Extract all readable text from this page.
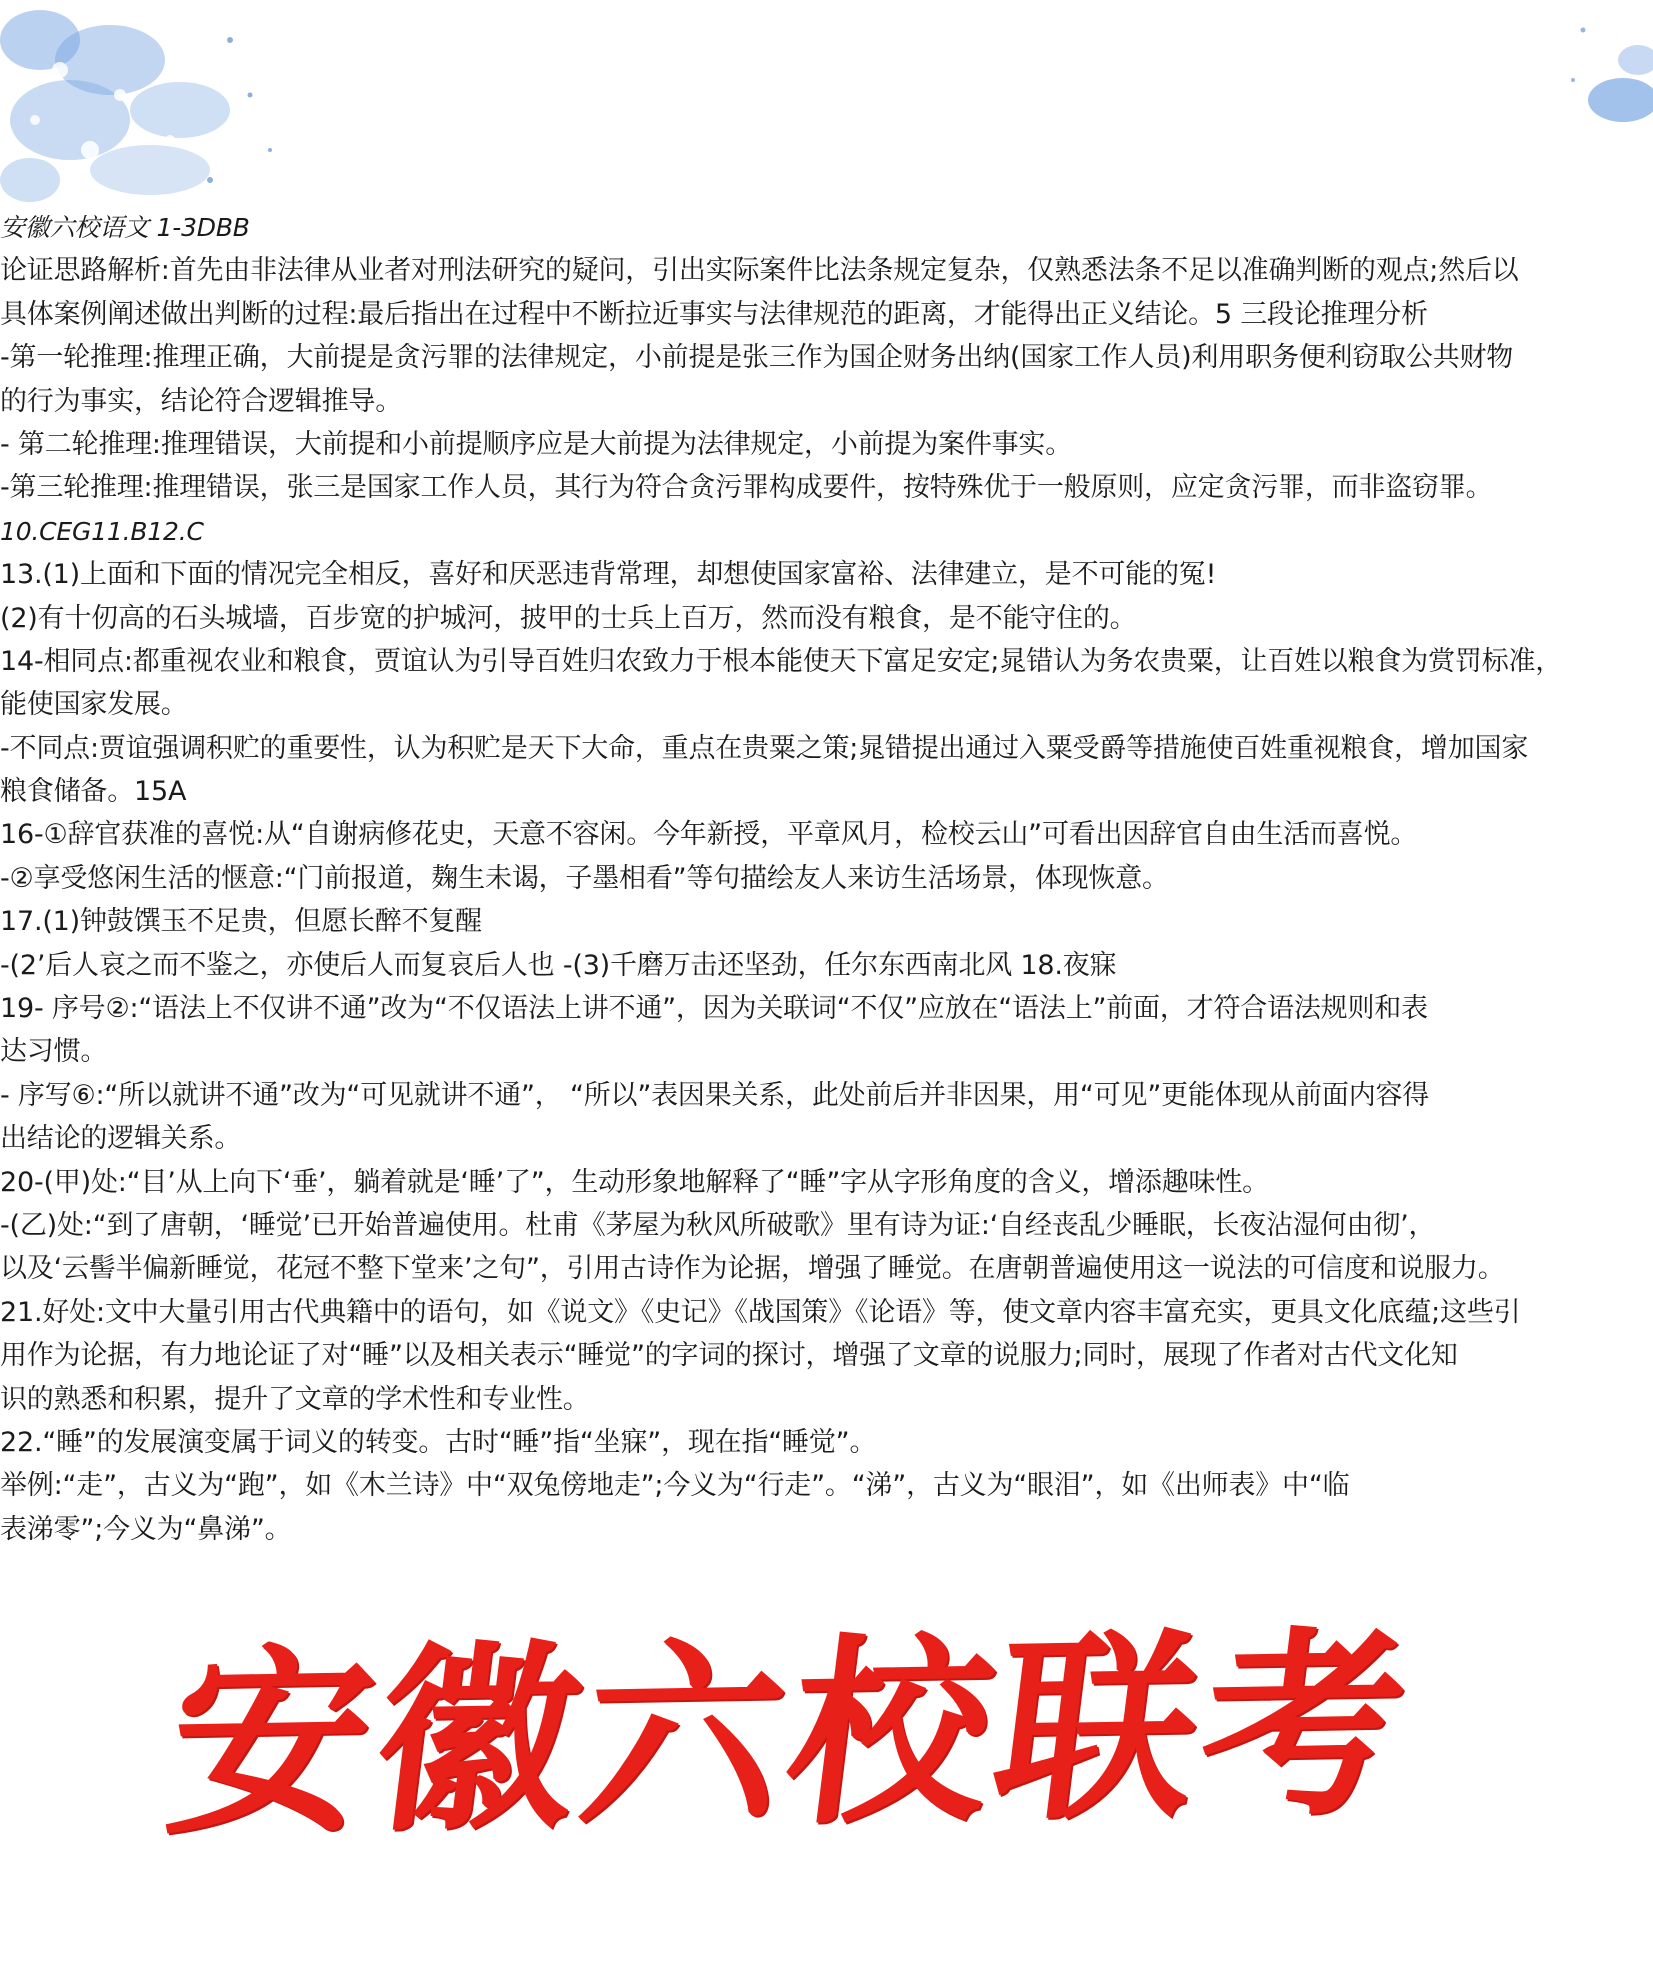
安徽六校语文 1-3DBB
论证思路解析:首先由非法律从业者对刑法研究的疑问，引出实际案件比法条规定复杂，仅熟悉法条不足以准确判断的观点;然后以
具体案例阐述做出判断的过程:最后指出在过程中不断拉近事实与法律规范的距离，才能得出正义结论。5 三段论推理分析
-第一轮推理:推理正确，大前提是贪污罪的法律规定，小前提是张三作为国企财务出纳(国家工作人员)利用职务便利窃取公共财物
的行为事实，结论符合逻辑推导。
- 第二轮推理:推理错误，大前提和小前提顺序应是大前提为法律规定，小前提为案件事实。
-第三轮推理:推理错误，张三是国家工作人员，其行为符合贪污罪构成要件，按特殊优于一般原则，应定贪污罪，而非盗窃罪。
10.CEG11.B12.C
13.(1)上面和下面的情况完全相反，喜好和厌恶违背常理，却想使国家富裕、法律建立，是不可能的冤!
(2)有十仞高的石头城墙，百步宽的护城河，披甲的士兵上百万，然而没有粮食，是不能守住的。
14-相同点:都重视农业和粮食，贾谊认为引导百姓归农致力于根本能使天下富足安定;晁错认为务农贵粟，让百姓以粮食为赏罚标准，
能使国家发展。
-不同点:贾谊强调积贮的重要性，认为积贮是天下大命，重点在贵粟之策;晁错提出通过入粟受爵等措施使百姓重视粮食，增加国家
粮食储备。15A
16-①辞官获准的喜悦:从“自谢病修花史，天意不容闲。今年新授，平章风月，检校云山”可看出因辞官自由生活而喜悦。
-②享受悠闲生活的惬意:“门前报道，麹生未谒，子墨相看”等句描绘友人来访生活场景，体现恢意。
17.(1)钟鼓馔玉不足贵，但愿长醉不复醒
-(2’后人哀之而不鉴之，亦使后人而复哀后人也 -(3)千磨万击还坚劲，任尔东西南北风 18.夜寐
19- 序号②:“语法上不仅讲不通”改为“不仅语法上讲不通”，因为关联词“不仅”应放在“语法上”前面，才符合语法规则和表
达习惯。
- 序写⑥:“所以就讲不通”改为“可见就讲不通”， “所以”表因果关系，此处前后并非因果，用“可见”更能体现从前面内容得
出结论的逻辑关系。
20-(甲)处:“目’从上向下‘垂’，躺着就是‘睡’了”，生动形象地解释了“睡”字从字形角度的含义，增添趣味性。
-(乙)处:“到了唐朝，‘睡觉’已开始普遍使用。杜甫《茅屋为秋风所破歌》里有诗为证:‘自经丧乱少睡眠，长夜沾湿何由彻’，
以及‘云髻半偏新睡觉，花冠不整下堂来’之句”，引用古诗作为论据，增强了睡觉。在唐朝普遍使用这一说法的可信度和说服力。
21.好处:文中大量引用古代典籍中的语句，如《说文》《史记》《战国策》《论语》等，使文章内容丰富充实，更具文化底蕴;这些引
用作为论据，有力地论证了对“睡”以及相关表示“睡觉”的字词的探讨，增强了文章的说服力;同时，展现了作者对古代文化知
识的熟悉和积累，提升了文章的学术性和专业性。
22.“睡”的发展演变属于词义的转变。古时“睡”指“坐寐”，现在指“睡觉”。
举例:“走”，古义为“跑”，如《木兰诗》中“双兔傍地走”;今义为“行走”。“涕”，古义为“眼泪”，如《出师表》中“临
表涕零”;今义为“鼻涕”。
安徽六校联考
